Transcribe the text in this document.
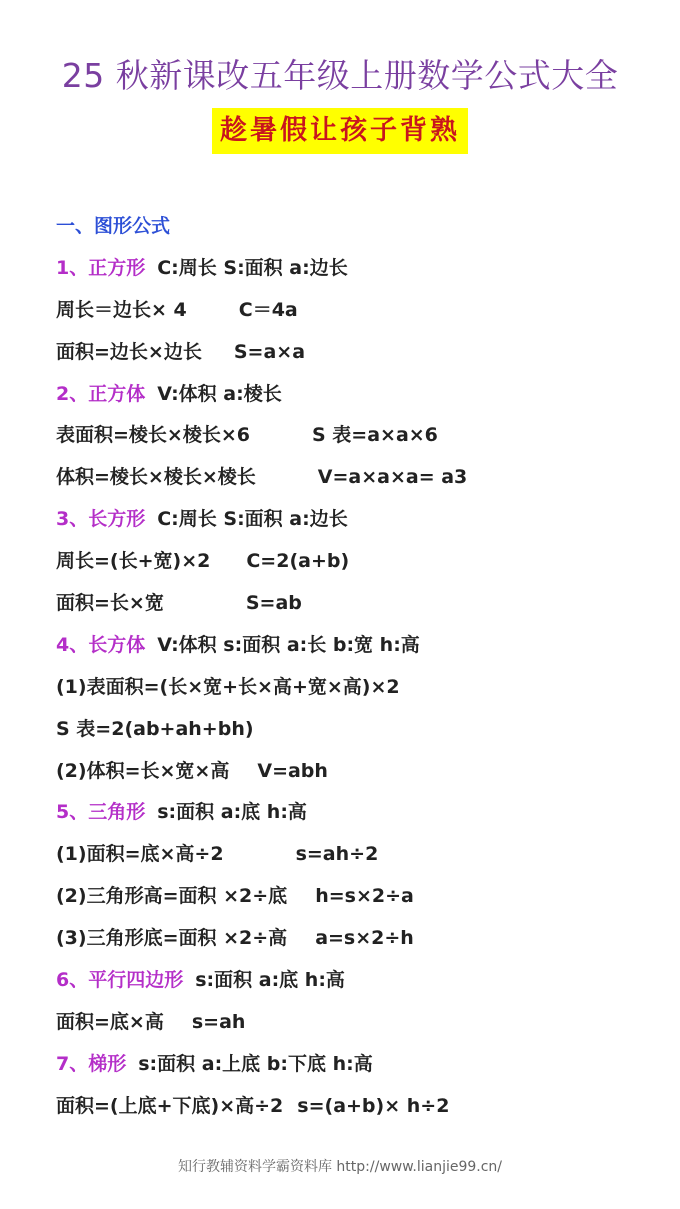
25 秋新课改五年级上册数学公式大全
趁暑假让孩子背熟
一、图形公式
1、正方形 C:周长 S:面积 a:边长
周长＝边长× 4	C＝4a
面积=边长×边长 S=a×a
2、正方体 V:体积 a:棱长
表面积=棱长×棱长×6	S 表=a×a×6
体积=棱长×棱长×棱长	V=a×a×a= a3
3、长方形 C:周长 S:面积 a:边长
周长=(长+宽)×2 C=2(a+b)
面积=长×宽	S=ab
4、长方体 V:体积 s:面积 a:长 b:宽 h:高
(1)表面积=(长×宽+长×高+宽×高)×2
S 表=2(ab+ah+bh)
(2)体积=长×宽×高 V=abh
5、三角形 s:面积 a:底 h:高
(1)面积=底×高÷2	s=ah÷2
(2)三角形高=面积 ×2÷底 h=s×2÷a
(3)三角形底=面积 ×2÷高 a=s×2÷h
6、平行四边形 s:面积 a:底 h:高
面积=底×高 s=ah
7、梯形 s:面积 a:上底 b:下底 h:高
面积=(上底+下底)×高÷2 s=(a+b)× h÷2
知行教辅资料学霸资料库 http://www.lianjie99.cn/
